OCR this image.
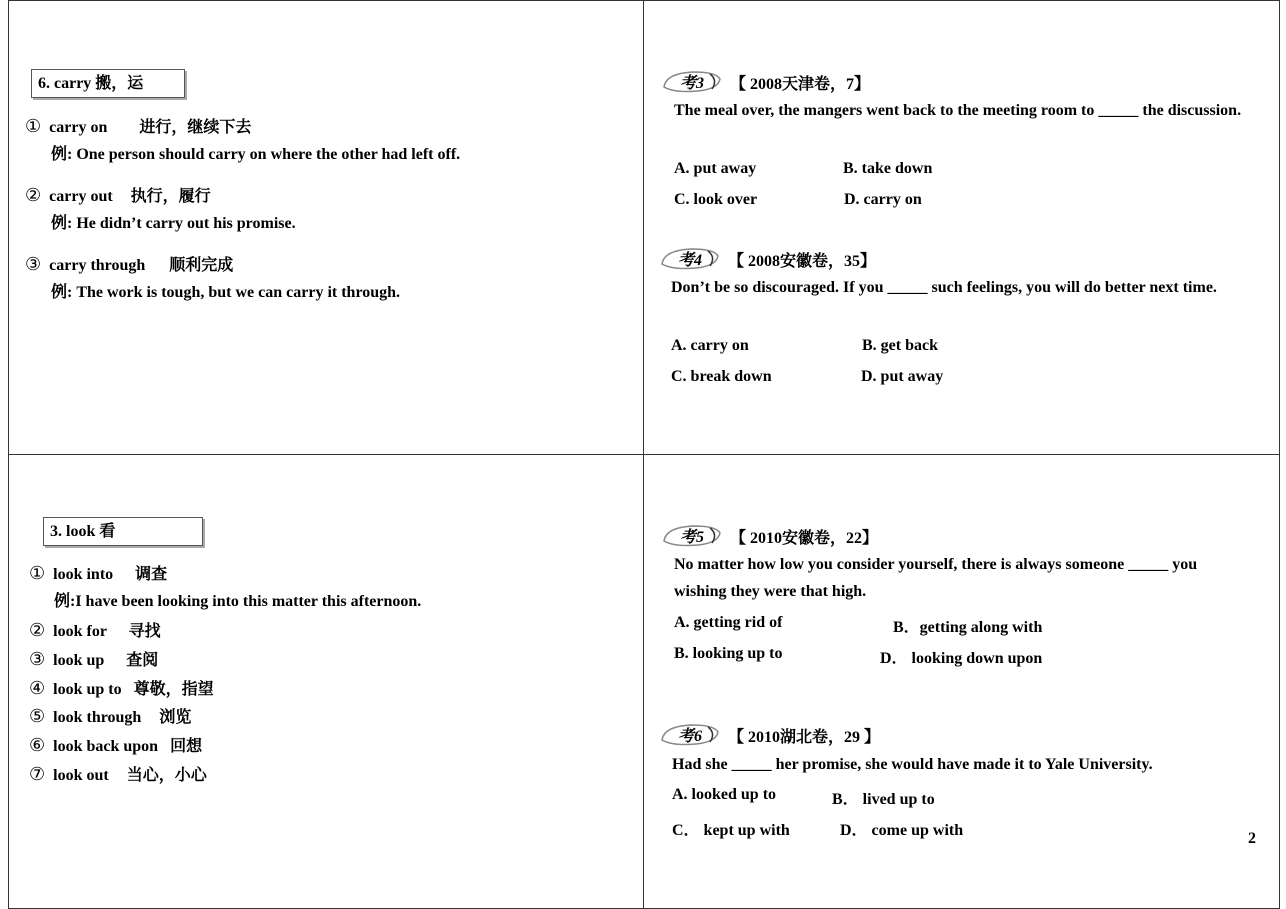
6. carry 搬，运
① carry on 进行，继续下去
例: One person should carry on where the other had left off.
② carry out 执行，履行
例: He didn’t carry out his promise.
③ carry through 顺利完成
例: The work is tough, but we can carry it through.
考3 【 2008天津卷，7】
The meal over, the mangers went back to the meeting room to _____ the discussion.
A. put away	B. take down
C. look over	D. carry on
考4 【 2008安徽卷，35】
Don’t be so discouraged. If you _____ such feelings, you will do better next time.
A. carry on	B. get back
C. break down	D. put away
3. look 看
① look into 调查
例:I have been looking into this matter this afternoon.
② look for 寻找
③ look up 查阅
④ look up to 尊敬，指望
⑤ look through 浏览
⑥ look back upon 回想
⑦ look out 当心，小心
考5 【 2010安徽卷，22】
No matter how low you consider yourself, there is always someone _____ you wishing they were that high.
A. getting rid of	B．getting along with
B. looking up to	D． looking down upon
考6 【 2010湖北卷，29 】
Had she _____ her promise, she would have made it to Yale University.
A. looked up to	B． lived up to
C． kept up with	D． come up with	2
